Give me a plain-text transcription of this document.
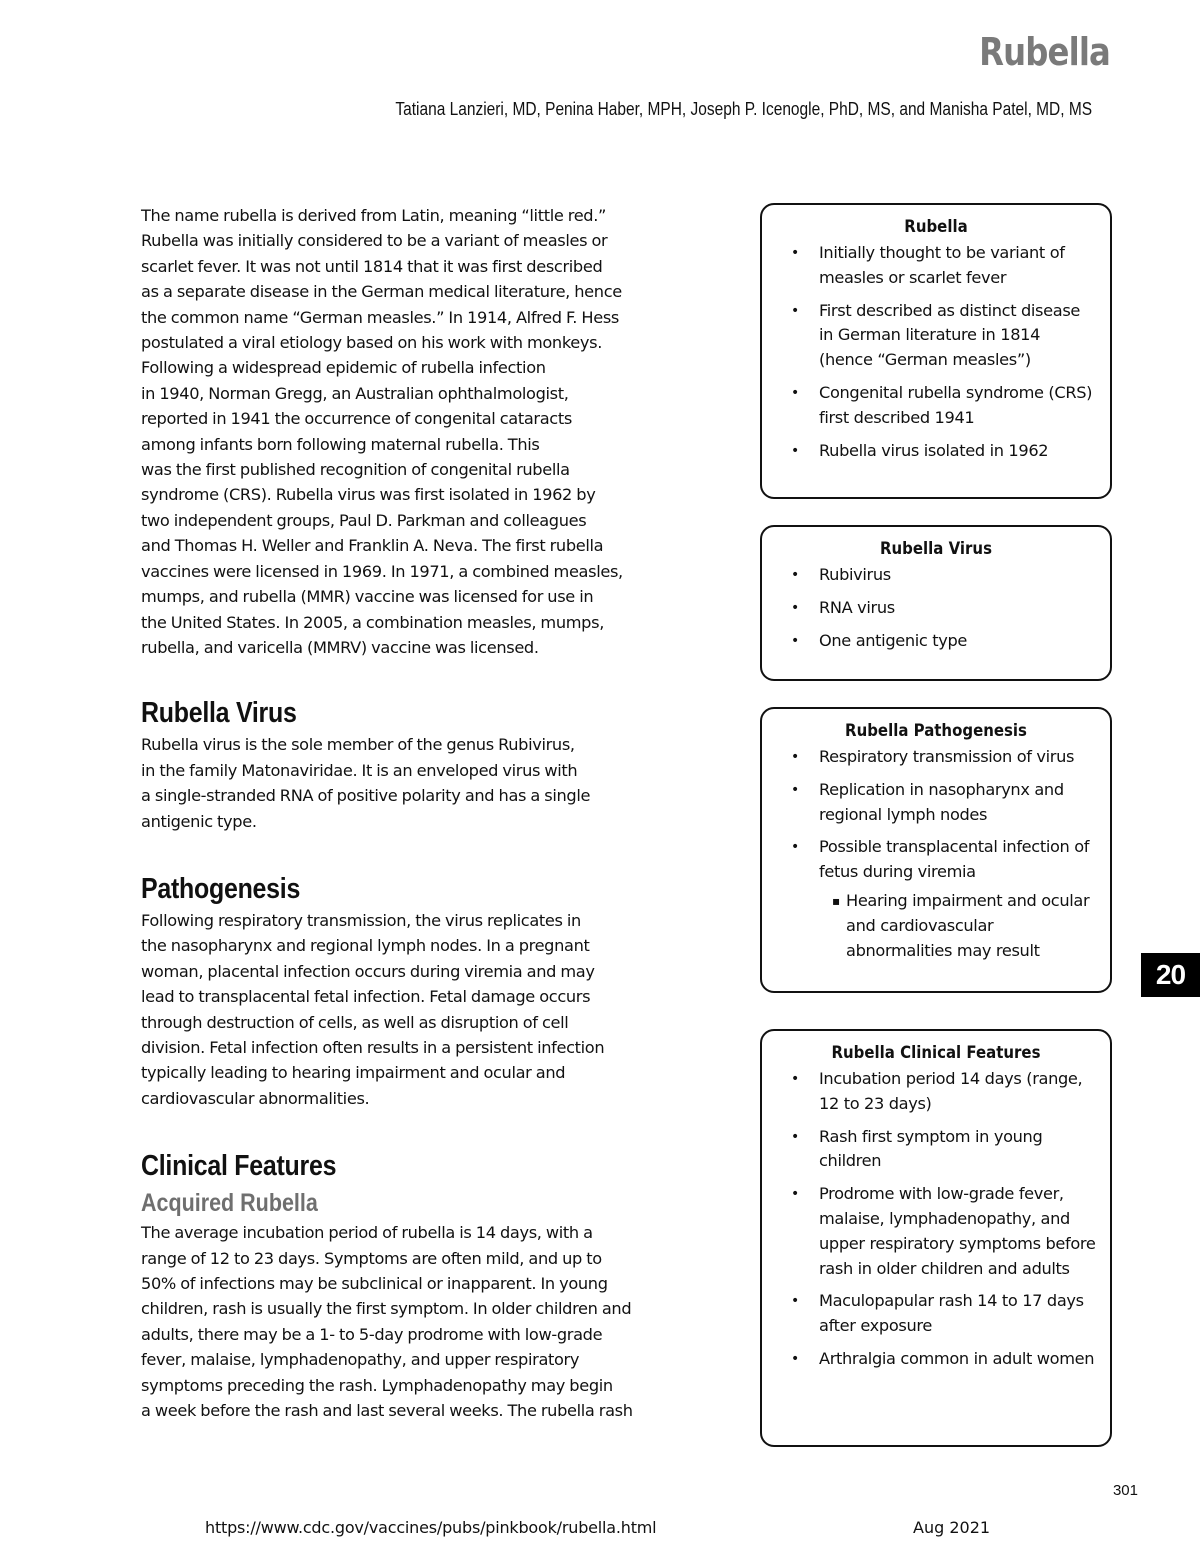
Rubella
Tatiana Lanzieri, MD, Penina Haber, MPH, Joseph P. Icenogle, PhD, MS, and Manisha Patel, MD, MS

The name rubella is derived from Latin, meaning “little red.”

Rubella was initially considered to be a variant of measles or

scarlet fever. It was not until 1814 that it was first described

as a separate disease in the German medical literature, hence

the common name “German measles.” In 1914, Alfred F. Hess

postulated a viral etiology based on his work with monkeys.

Following a widespread epidemic of rubella infection

in 1940, Norman Gregg, an Australian ophthalmologist,

reported in 1941 the occurrence of congenital cataracts

among infants born following maternal rubella. This

was the first published recognition of congenital rubella

syndrome (CRS). Rubella virus was first isolated in 1962 by

two independent groups, Paul D. Parkman and colleagues

and Thomas H. Weller and Franklin A. Neva. The first rubella

vaccines were licensed in 1969. In 1971, a combined measles,

mumps, and rubella (MMR) vaccine was licensed for use in

the United States. In 2005, a combination measles, mumps,

rubella, and varicella (MMRV) vaccine was licensed.

Rubella Virus

Rubella virus is the sole member of the genus Rubivirus,

in the family Matonaviridae. It is an enveloped virus with

a single-stranded RNA of positive polarity and has a single

antigenic type.

Pathogenesis

Following respiratory transmission, the virus replicates in

the nasopharynx and regional lymph nodes. In a pregnant

woman, placental infection occurs during viremia and may

lead to transplacental fetal infection. Fetal damage occurs

through destruction of cells, as well as disruption of cell

division. Fetal infection often results in a persistent infection

typically leading to hearing impairment and ocular and

cardiovascular abnormalities.

Clinical Features
Acquired Rubella

The average incubation period of rubella is 14 days, with a

range of 12 to 23 days. Symptoms are often mild, and up to

50% of infections may be subclinical or inapparent. In young

children, rash is usually the first symptom. In older children and

adults, there may be a 1- to 5-day prodrome with low-grade

fever, malaise, lymphadenopathy, and upper respiratory

symptoms preceding the rash. Lymphadenopathy may begin

a week before the rash and last several weeks. The rubella rash

Rubella
• Initially thought to be variant of measles or scarlet fever
• First described as distinct disease in German literature in 1814 (hence “German measles”)
• Congenital rubella syndrome (CRS) first described 1941
• Rubella virus isolated in 1962
Rubella Virus
• Rubivirus
• RNA virus
• One antigenic type
Rubella Pathogenesis
• Respiratory transmission of virus
• Replication in nasopharynx and regional lymph nodes
• Possible transplacental infection of fetus during viremia
▪ Hearing impairment and ocular and cardiovascular abnormalities may result
Rubella Clinical Features
• Incubation period 14 days (range, 12 to 23 days)
• Rash first symptom in young children
• Prodrome with low-grade fever, malaise, lymphadenopathy, and upper respiratory symptoms before rash in older children and adults
• Maculopapular rash 14 to 17 days after exposure
• Arthralgia common in adult women
20
301
https://www.cdc.gov/vaccines/pubs/pinkbook/rubella.html	Aug 2021
